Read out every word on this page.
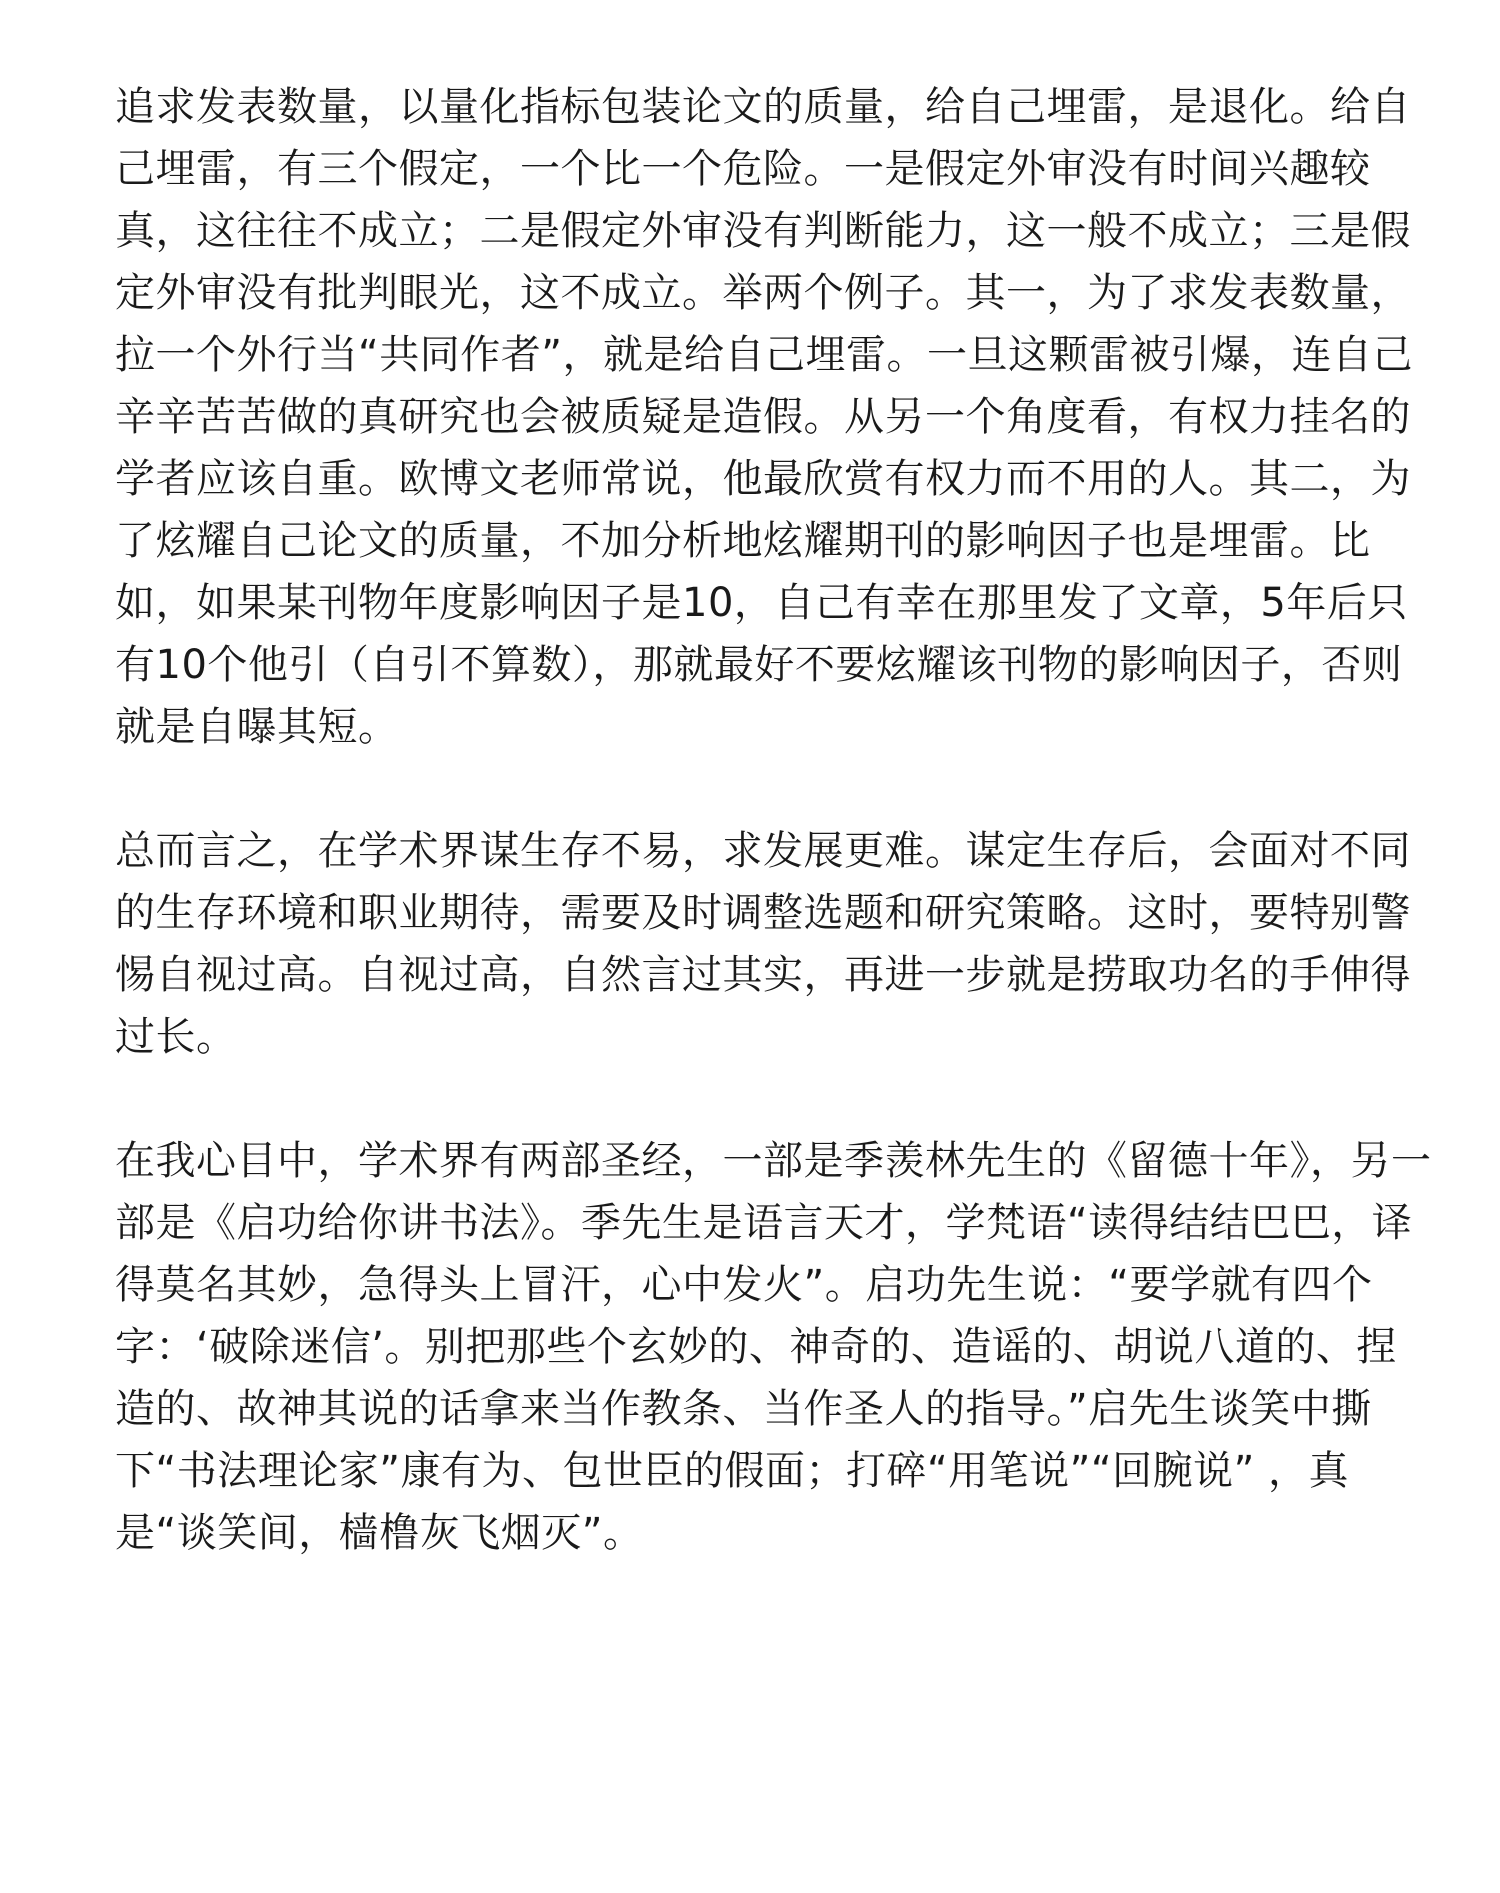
追求发表数量，以量化指标包装论文的质量，给自己埋雷，是退化。给自己埋雷，有三个假定，一个比一个危险。一是假定外审没有时间兴趣较真，这往往不成立；二是假定外审没有判断能力，这一般不成立；三是假定外审没有批判眼光，这不成立。举两个例子。其一，为了求发表数量，拉一个外行当“共同作者”，就是给自己埋雷。一旦这颗雷被引爆，连自己辛辛苦苦做的真研究也会被质疑是造假。从另一个角度看，有权力挂名的学者应该自重。欧博文老师常说，他最欣赏有权力而不用的人。其二，为了炫耀自己论文的质量，不加分析地炫耀期刊的影响因子也是埋雷。比如，如果某刊物年度影响因子是10，自己有幸在那里发了文章，5年后只有10个他引（自引不算数），那就最好不要炫耀该刊物的影响因子，否则就是自曝其短。

总而言之，在学术界谋生存不易，求发展更难。谋定生存后，会面对不同的生存环境和职业期待，需要及时调整选题和研究策略。这时，要特别警惕自视过高。自视过高，自然言过其实，再进一步就是捞取功名的手伸得过长。

在我心目中，学术界有两部圣经，一部是季羡林先生的《留德十年》，另一部是《启功给你讲书法》。季先生是语言天才，学梵语“读得结结巴巴，译得莫名其妙，急得头上冒汗，心中发火”。启功先生说：“要学就有四个字：‘破除迷信’。别把那些个玄妙的、神奇的、造谣的、胡说八道的、捏造的、故神其说的话拿来当作教条、当作圣人的指导。”启先生谈笑中撕下“书法理论家”康有为、包世臣的假面；打碎“用笔说”“回腕说” ，真是“谈笑间，樯橹灰飞烟灭”。
